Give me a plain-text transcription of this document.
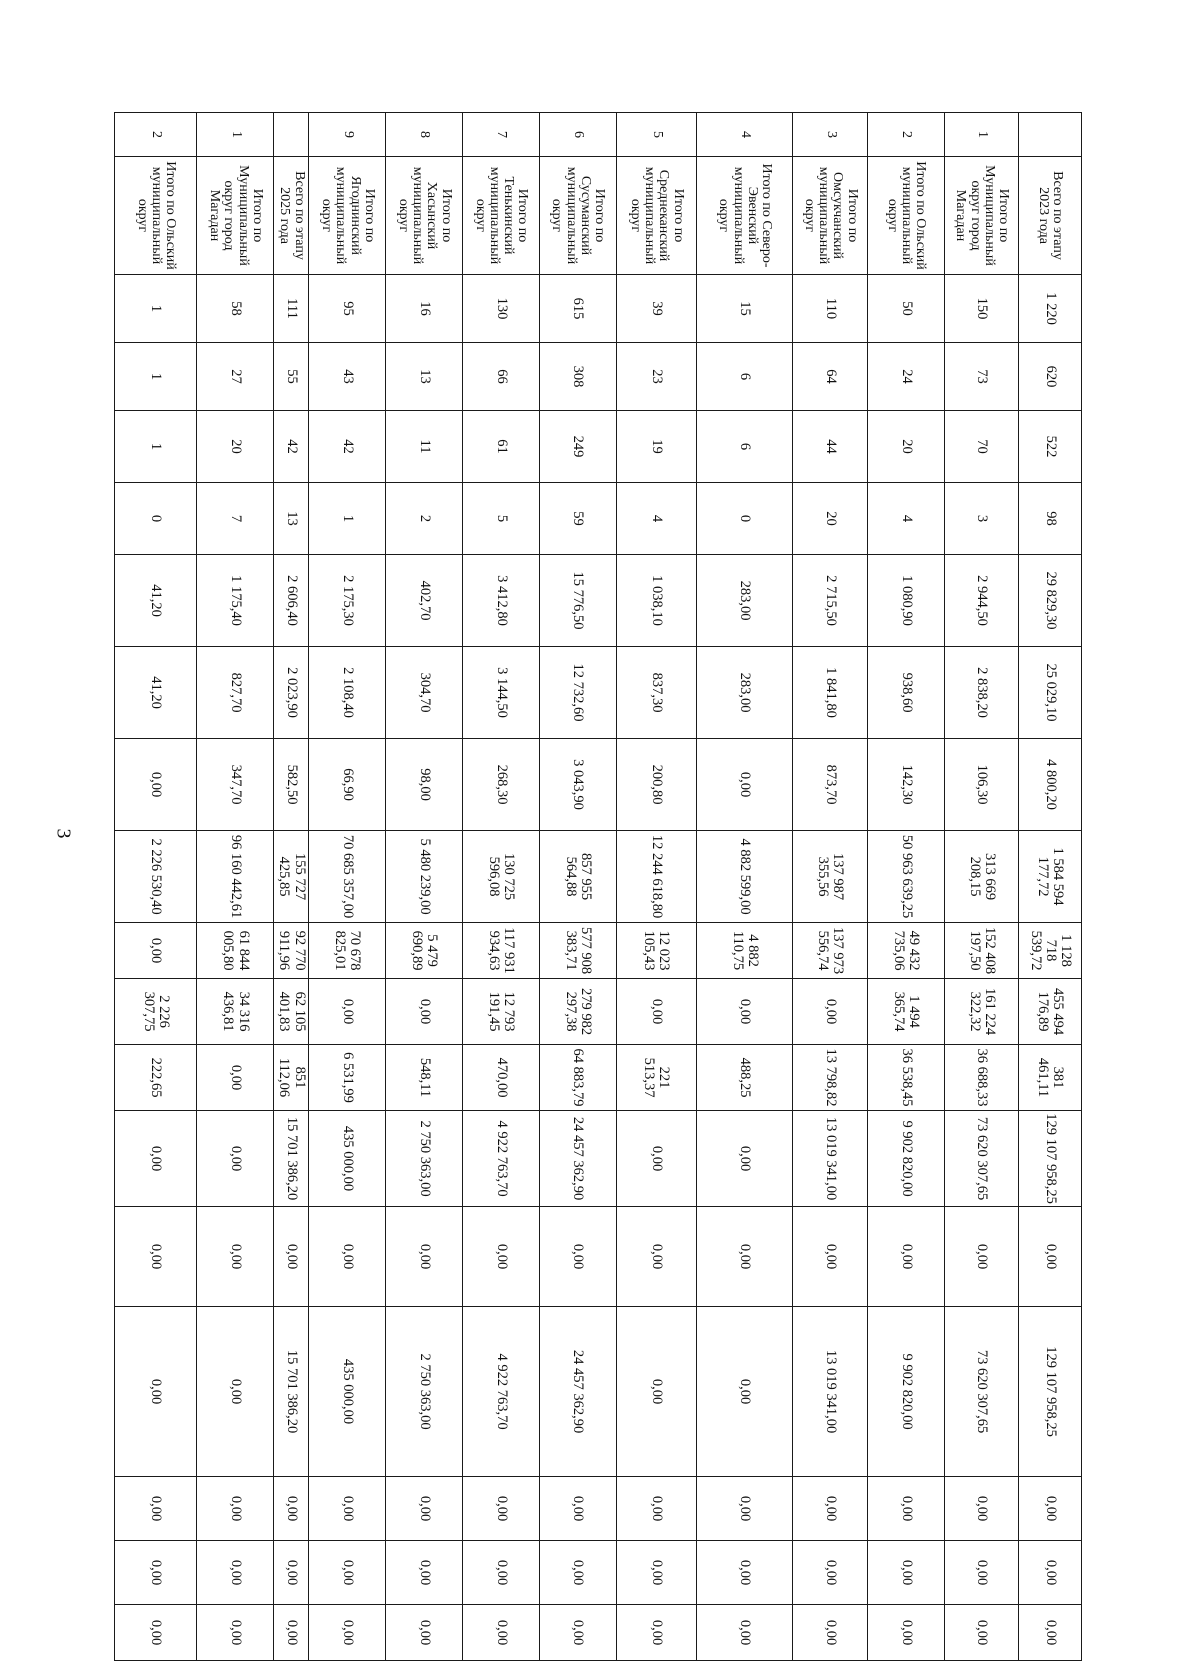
3
	Всего по этапу 2023 года	1 220	620	522	98	29 829,30	25 029,10	4 800,20	1 584 594 177,72	1 128 718 539,72	455 494 176,89	381 461,11	129 107 958,25	0,00	129 107 958,25	0,00	0,00	0,00
1	Итого по Муниципальный округ город Магадан	150	73	70	3	2 944,50	2 838,20	106,30	313 669 208,15	152 408 197,50	161 224 322,32	36 688,33	73 620 307,65	0,00	73 620 307,65	0,00	0,00	0,00
2	Итого по Ольский муниципальный округ	50	24	20	4	1 080,90	938,60	142,30	50 963 639,25	49 432 735,06	1 494 365,74	36 538,45	9 902 820,00	0,00	9 902 820,00	0,00	0,00	0,00
3	Итого по Омсукчанский муниципальный округ	110	64	44	20	2 715,50	1 841,80	873,70	137 987 355,56	137 973 556,74	0,00	13 798,82	13 019 341,00	0,00	13 019 341,00	0,00	0,00	0,00
4	Итого по Северо-Эвенский муниципальный округ	15	6	6	0	283,00	283,00	0,00	4 882 599,00	4 882 110,75	0,00	488,25	0,00	0,00	0,00	0,00	0,00	0,00
5	Итого по Среднеканский муниципальный округ	39	23	19	4	1 038,10	837,30	200,80	12 244 618,80	12 023 105,43	0,00	221 513,37	0,00	0,00	0,00	0,00	0,00	0,00
6	Итого по Сусуманский муниципальный округ	615	308	249	59	15 776,50	12 732,60	3 043,90	857 955 564,88	577 908 383,71	279 982 297,38	64 883,79	24 457 362,90	0,00	24 457 362,90	0,00	0,00	0,00
7	Итого по Тенькинский муниципальный округ	130	66	61	5	3 412,80	3 144,50	268,30	130 725 596,08	117 931 934,63	12 793 191,45	470,00	4 922 763,70	0,00	4 922 763,70	0,00	0,00	0,00
8	Итого по Хасынский муниципальный округ	16	13	11	2	402,70	304,70	98,00	5 480 239,00	5 479 690,89	0,00	548,11	2 750 363,00	0,00	2 750 363,00	0,00	0,00	0,00
9	Итого по Ягоднинский муниципальный округ	95	43	42	1	2 175,30	2 108,40	66,90	70 685 357,00	70 678 825,01	0,00	6 531,99	435 000,00	0,00	435 000,00	0,00	0,00	0,00
	Всего по этапу 2025 года	111	55	42	13	2 606,40	2 023,90	582,50	155 727 425,85	92 770 911,96	62 105 401,83	851 112,06	15 701 386,20	0,00	15 701 386,20	0,00	0,00	0,00
1	Итого по Муниципальный округ город Магадан	58	27	20	7	1 175,40	827,70	347,70	96 160 442,61	61 844 005,80	34 316 436,81	0,00	0,00	0,00	0,00	0,00	0,00	0,00
2	Итого по Ольский муниципальный округ	1	1	1	0	41,20	41,20	0,00	2 226 530,40	0,00	2 226 307,75	222,65	0,00	0,00	0,00	0,00	0,00	0,00
